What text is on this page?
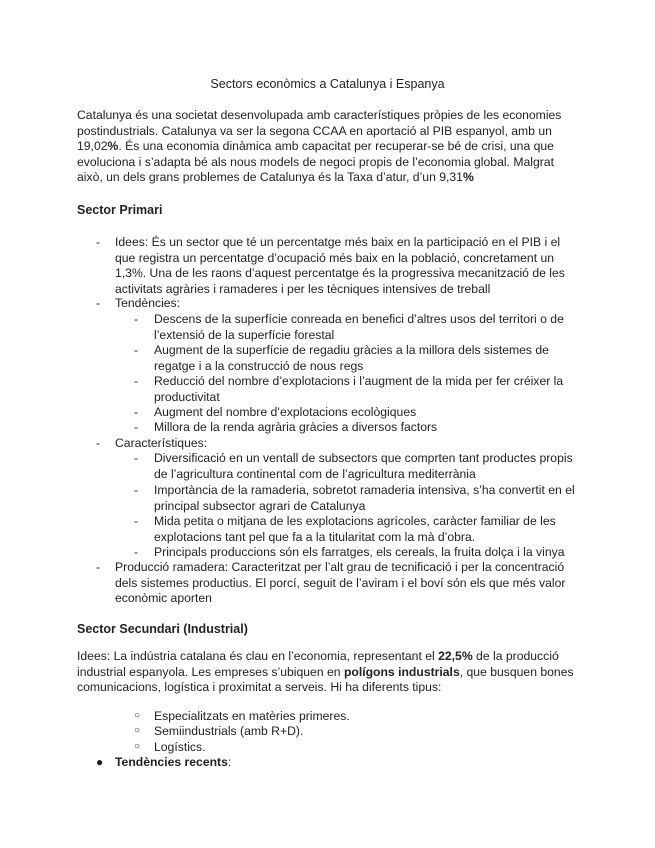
Sectors econòmics a Catalunya i Espanya
Catalunya és una societat desenvolupada amb característiques pròpies de les economies postindustrials. Catalunya va ser la segona CCAA en aportació al PIB espanyol, amb un 19,02%. És una economia dinàmica amb capacitat per recuperar-se bé de crisi, una que evoluciona i s’adapta bé als nous models de negoci propis de l’economia global. Malgrat això, un dels grans problemes de Catalunya és la Taxa d’atur, d’un 9,31%
Sector Primari
- Idees: És un sector que té un percentatge més baix en la participació en el PIB i el que registra un percentatge d’ocupació més baix en la població, concretament un 1,3%. Una de les raons d’aquest percentatge és la progressiva mecanització de les activitats agràries i ramaderes i per les tècniques intensives de treball
- Tendències:
- Descens de la superfície conreada en benefici d’altres usos del territori o de l’extensió de la superfície forestal
- Augment de la superfície de regadiu gràcies a la millora dels sistemes de regatge i a la construcció de nous regs
- Reducció del nombre d’explotacions i l’augment de la mida per fer créixer la productivitat
- Augment del nombre d’explotacions ecològiques
- Millora de la renda agrària gràcies a diversos factors
- Característiques:
- Diversificació en un ventall de subsectors que comprten tant productes propis de l’agricultura continental com de l’agricultura mediterrània
- Importància de la ramaderia, sobretot ramaderia intensiva, s’ha convertit en el principal subsector agrari de Catalunya
- Mida petita o mitjana de les explotacions agrícoles, caràcter familiar de les explotacions tant pel que fa a la titularitat com la mà d’obra.
- Principals produccions són els farratges, els cereals, la fruita dolça i la vinya
- Producció ramadera: Caracteritzat per l’alt grau de tecnificació i per la concentració dels sistemes productius. El porcí, seguit de l’aviram i el boví són els que més valor econòmic aporten
Sector Secundari (Industrial)
Idees: La indústria catalana és clau en l’economia, representant el 22,5% de la producció industrial espanyola. Les empreses s’ubiquen en polígons industrials, que busquen bones comunicacions, logística i proximitat a serveis. Hi ha diferents tipus:
○ Especialitzats en matèries primeres.
○ Semiindustrials (amb R+D).
○ Logístics.
● Tendències recents:
